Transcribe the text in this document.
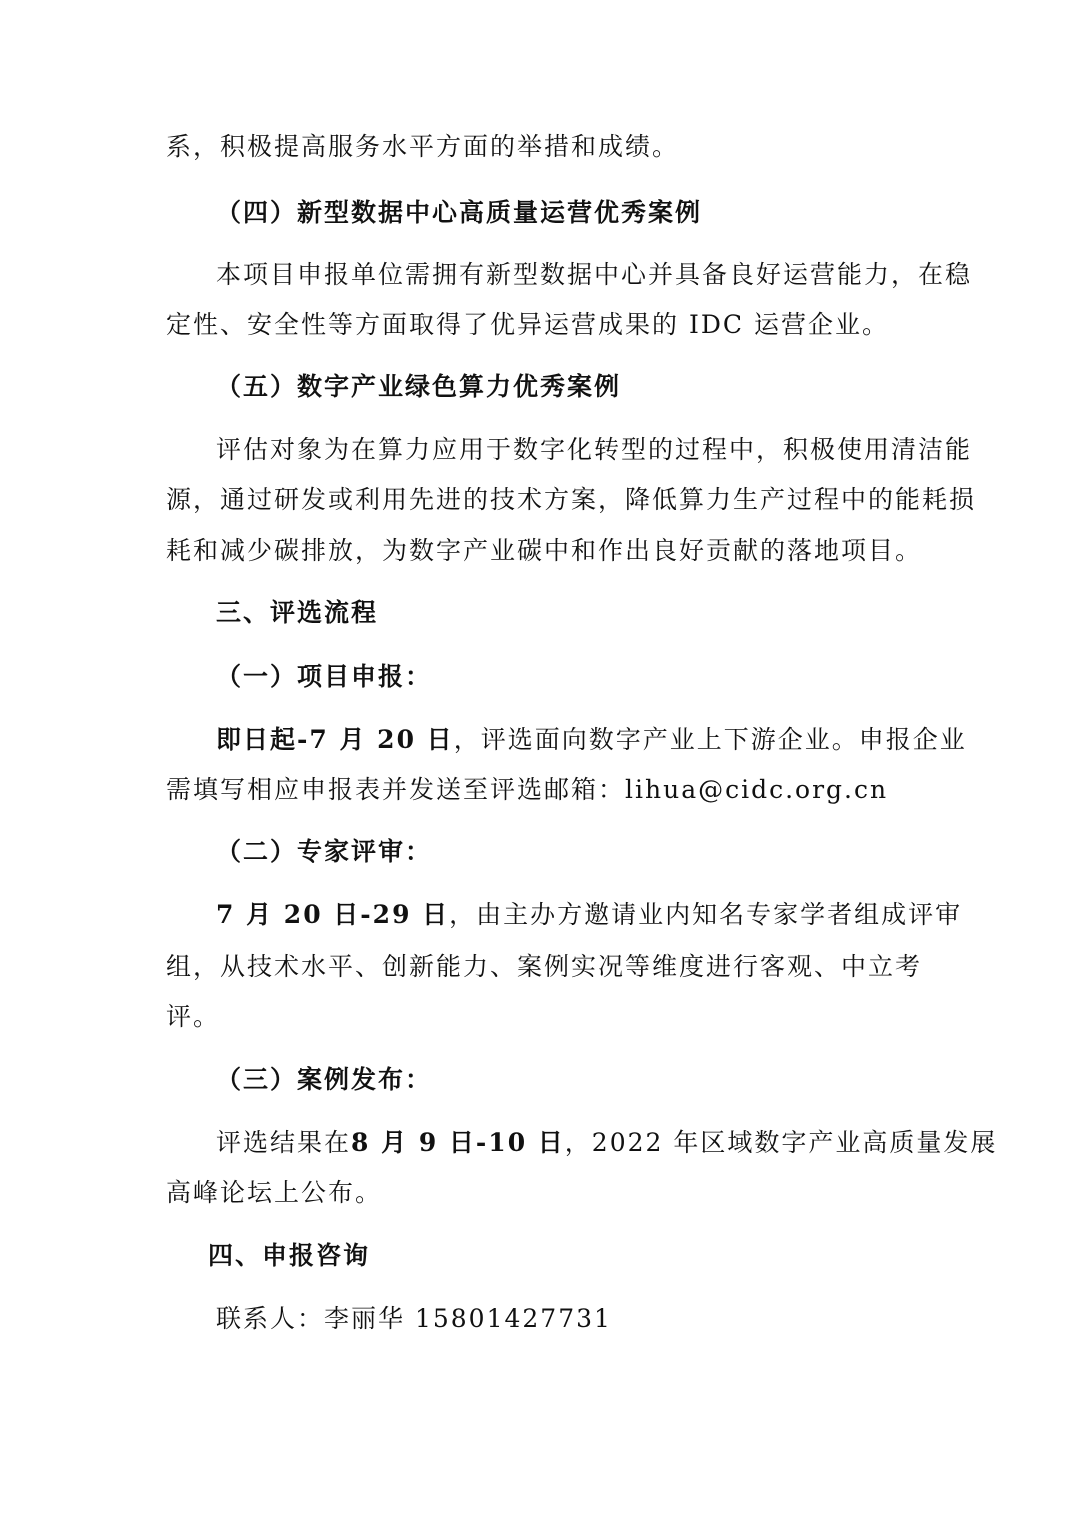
系，积极提高服务水平方面的举措和成绩。
（四）新型数据中心高质量运营优秀案例
本项目申报单位需拥有新型数据中心并具备良好运营能力，在稳
定性、安全性等方面取得了优异运营成果的 IDC 运营企业。
（五）数字产业绿色算力优秀案例
评估对象为在算力应用于数字化转型的过程中，积极使用清洁能
源，通过研发或利用先进的技术方案，降低算力生产过程中的能耗损
耗和减少碳排放，为数字产业碳中和作出良好贡献的落地项目。
三、评选流程
（一）项目申报：
即日起-7 月 20 日，评选面向数字产业上下游企业。申报企业
需填写相应申报表并发送至评选邮箱：lihua@cidc.org.cn
（二）专家评审：
7 月 20 日-29 日，由主办方邀请业内知名专家学者组成评审
组，从技术水平、创新能力、案例实况等维度进行客观、中立考
评。
（三）案例发布：
评选结果在8 月 9 日-10 日，2022 年区域数字产业高质量发展
高峰论坛上公布。
四、申报咨询
联系人：李丽华 15801427731
